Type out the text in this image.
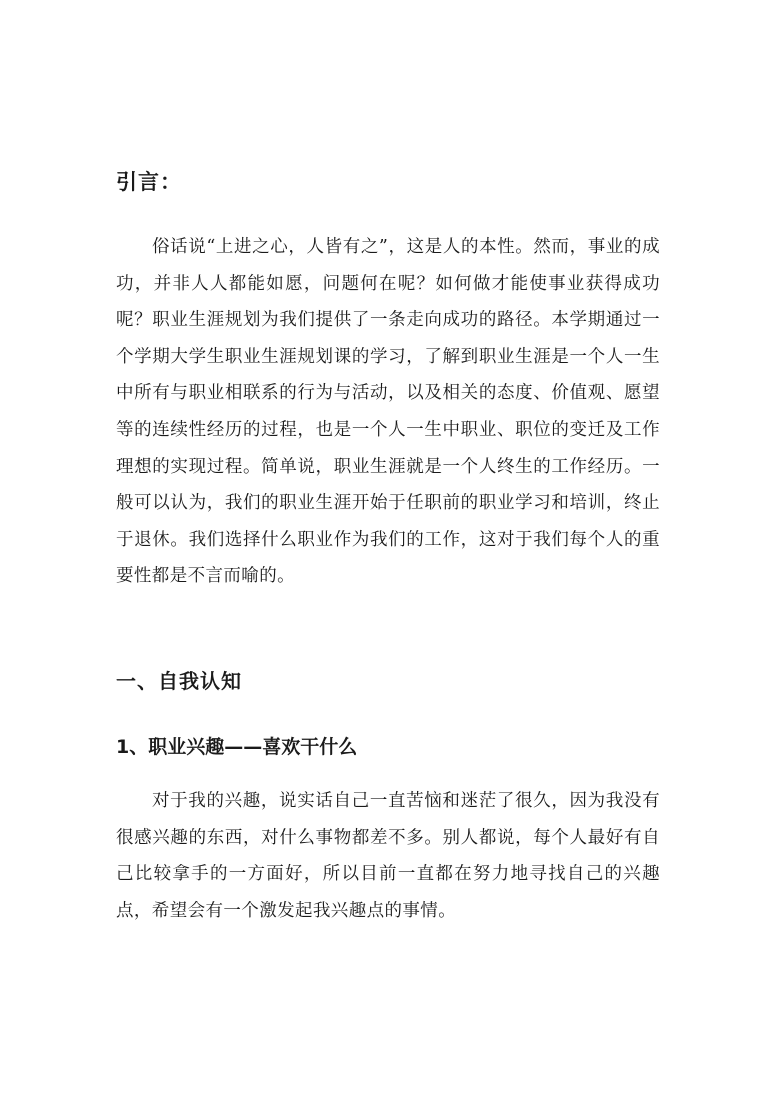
引言：

俗话说“上进之心，人皆有之”，这是人的本性。然而，事业的成功，并非人人都能如愿，问题何在呢？如何做才能使事业获得成功呢？职业生涯规划为我们提供了一条走向成功的路径。本学期通过一个学期大学生职业生涯规划课的学习，了解到职业生涯是一个人一生中所有与职业相联系的行为与活动，以及相关的态度、价值观、愿望等的连续性经历的过程，也是一个人一生中职业、职位的变迁及工作理想的实现过程。简单说，职业生涯就是一个人终生的工作经历。一般可以认为，我们的职业生涯开始于任职前的职业学习和培训，终止于退休。我们选择什么职业作为我们的工作，这对于我们每个人的重要性都是不言而喻的。

一、自我认知
1、职业兴趣——喜欢干什么

对于我的兴趣，说实话自己一直苦恼和迷茫了很久，因为我没有很感兴趣的东西，对什么事物都差不多。别人都说，每个人最好有自己比较拿手的一方面好，所以目前一直都在努力地寻找自己的兴趣点，希望会有一个激发起我兴趣点的事情。
